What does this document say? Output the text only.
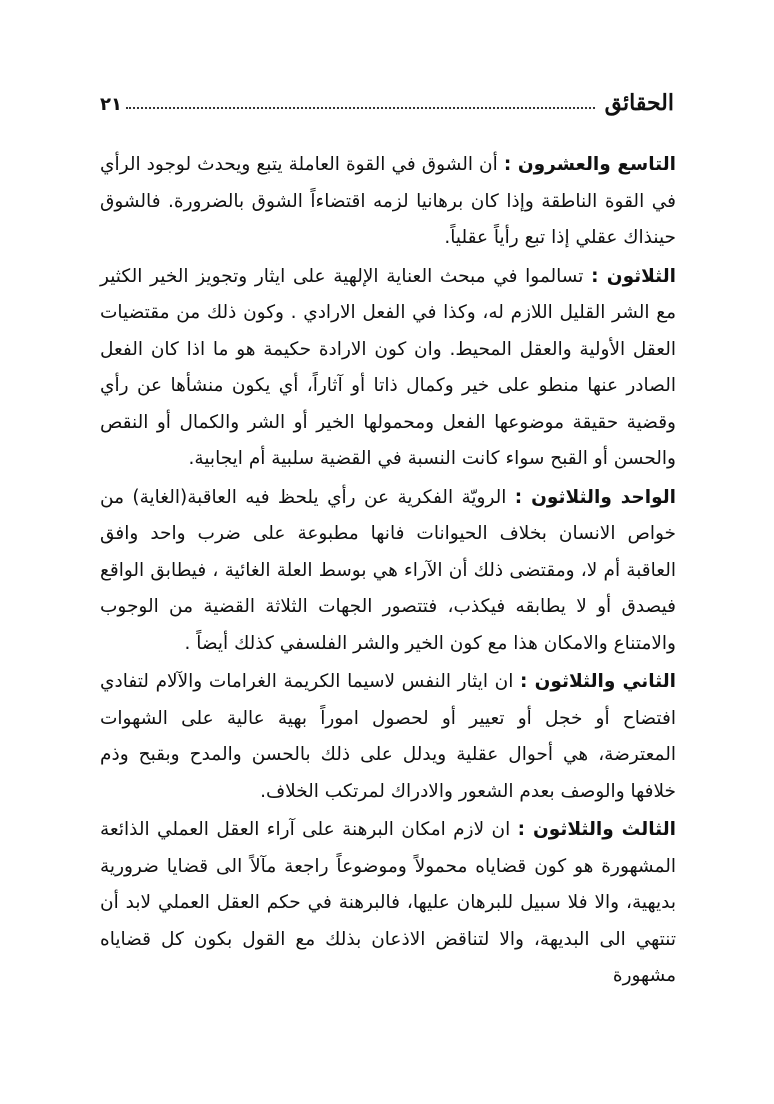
الحقائق
٢١

التاسع والعشرون : أن الشوق في القوة العاملة يتبع ويحدث لوجود الرأي في القوة الناطقة وإذا كان برهانيا لزمه اقتضاءاً الشوق بالضرورة. فالشوق حينذاك عقلي إذا تبع رأياً عقلياً.

الثلاثون : تسالموا في مبحث العناية الإلهية على ايثار وتجويز الخير الكثير مع الشر القليل اللازم له، وكذا في الفعل الارادي . وكون ذلك من مقتضيات العقل الأولية والعقل المحيط. وان كون الارادة حكيمة هو ما اذا كان الفعل الصادر عنها منطو على خير وكمال ذاتا أو آثاراً، أي يكون منشأها عن رأي وقضية حقيقة موضوعها الفعل ومحمولها الخير أو الشر والكمال أو النقص والحسن أو القبح سواء كانت النسبة في القضية سلبية أم ايجابية.

الواحد والثلاثون : الرويّة الفكرية عن رأي يلحظ فيه العاقبة(الغاية) من خواص الانسان بخلاف الحيوانات فانها مطبوعة على ضرب واحد وافق العاقبة أم لا، ومقتضى ذلك أن الآراء هي بوسط العلة الغائية ، فيطابق الواقع فيصدق أو لا يطابقه فيكذب، فتتصور الجهات الثلاثة القضية من الوجوب والامتناع والامكان هذا مع كون الخير والشر الفلسفي كذلك أيضاً .

الثاني والثلاثون : ان ايثار النفس لاسيما الكريمة الغرامات والآلام لتفادي افتضاح أو خجل أو تعيير أو لحصول اموراً بهية عالية على الشهوات المعترضة، هي أحوال عقلية ويدلل على ذلك بالحسن والمدح وبقبح وذم خلافها والوصف بعدم الشعور والادراك لمرتكب الخلاف.

الثالث والثلاثون : ان لازم امكان البرهنة على آراء العقل العملي الذائعة المشهورة هو كون قضاياه محمولاً وموضوعاً راجعة مآلاً الى قضايا ضرورية بديهية، والا فلا سبيل للبرهان عليها، فالبرهنة في حكم العقل العملي لابد أن تنتهي الى البديهة، والا لتناقض الاذعان بذلك مع القول بكون كل قضاياه مشهورة
